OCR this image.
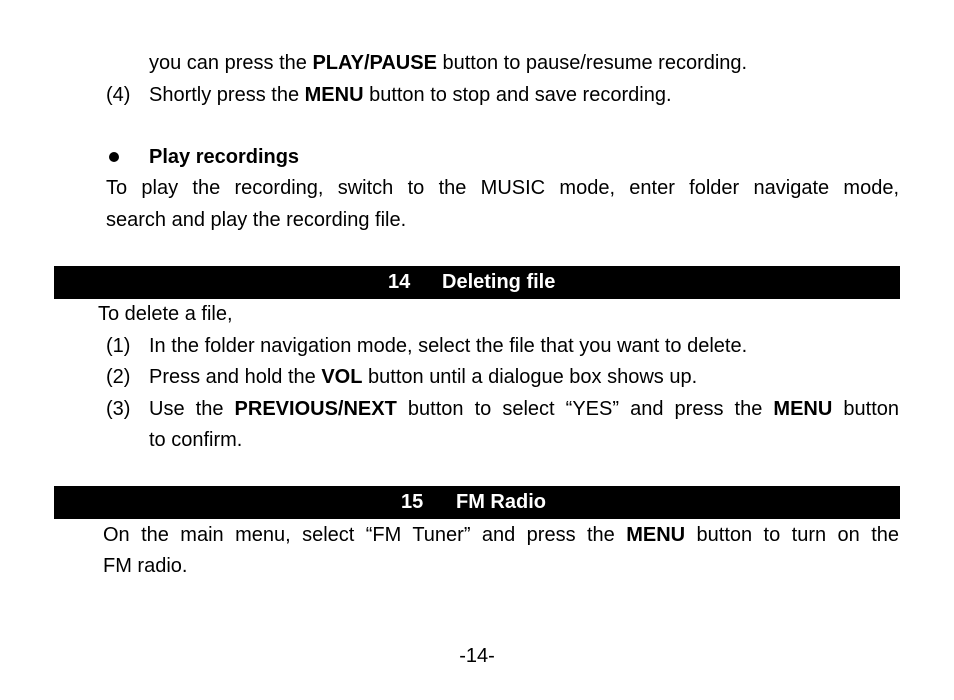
you can press the PLAY/PAUSE button to pause/resume recording.
(4) Shortly press the MENU button to stop and save recording.
Play recordings
To play the recording, switch to the MUSIC mode, enter folder navigate mode,
search and play the recording file.
14 Deleting file
To delete a file,
(1) In the folder navigation mode, select the file that you want to delete.
(2) Press and hold the VOL button until a dialogue box shows up.
(3) Use the PREVIOUS/NEXT button to select “YES” and press the MENU button
to confirm.
15 FM Radio
On the main menu, select “FM Tuner” and press the MENU button to turn on the
FM radio.
-14-
